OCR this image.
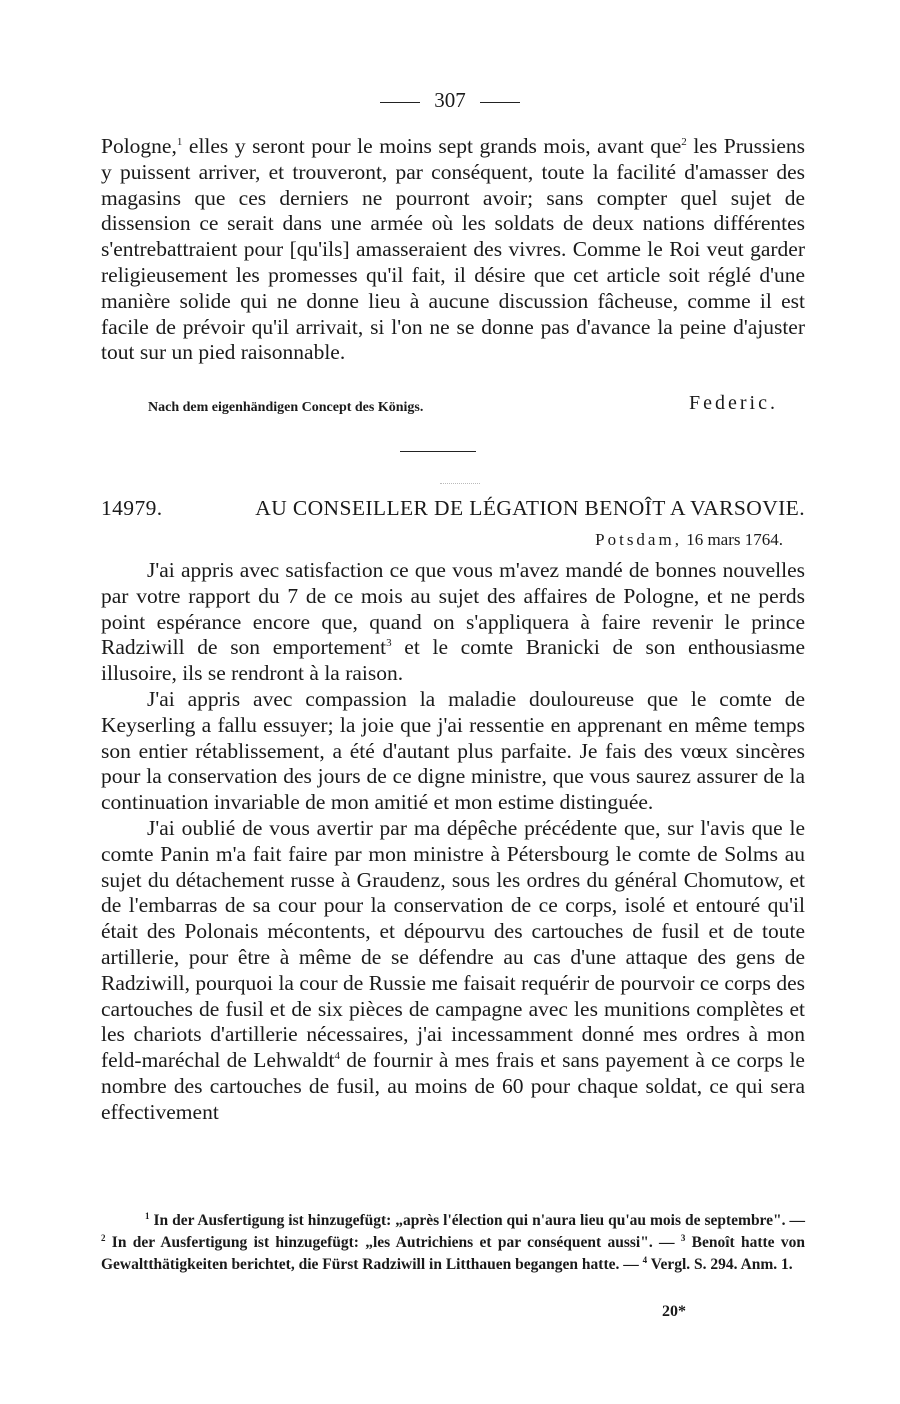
307

Pologne,$^1$ elles y seront pour le moins sept grands mois, avant que$^2$ les Prussiens y puissent arriver, et trouveront, par conséquent, toute la facilité d'amasser des magasins que ces derniers ne pourront avoir; sans compter quel sujet de dissension ce serait dans une armée où les soldats de deux nations différentes s'entrebattraient pour [qu'ils] amasseraient des vivres. Comme le Roi veut garder religieusement les promesses qu'il fait, il désire que cet article soit réglé d'une manière solide qui ne donne lieu à aucune discussion fâcheuse, comme il est facile de prévoir qu'il arrivait, si l'on ne se donne pas d'avance la peine d'ajuster tout sur un pied raisonnable.

Nach dem eigenhändigen Concept des Königs.	Federic.
14979.	AU CONSEILLER DE LÉGATION BENOÎT A VARSOVIE.
Potsdam, 16 mars 1764.

J'ai appris avec satisfaction ce que vous m'avez mandé de bonnes nouvelles par votre rapport du 7 de ce mois au sujet des affaires de Pologne, et ne perds point espérance encore que, quand on s'appliquera à faire revenir le prince Radziwill de son emportement$^3$ et le comte Branicki de son enthousiasme illusoire, ils se rendront à la raison.

J'ai appris avec compassion la maladie douloureuse que le comte de Keyserling a fallu essuyer; la joie que j'ai ressentie en apprenant en même temps son entier rétablissement, a été d'autant plus parfaite. Je fais des vœux sincères pour la conservation des jours de ce digne ministre, que vous saurez assurer de la continuation invariable de mon amitié et mon estime distinguée.

J'ai oublié de vous avertir par ma dépêche précédente que, sur l'avis que le comte Panin m'a fait faire par mon ministre à Pétersbourg le comte de Solms au sujet du détachement russe à Graudenz, sous les ordres du général Chomutow, et de l'embarras de sa cour pour la conservation de ce corps, isolé et entouré qu'il était des Polonais mécontents, et dépourvu des cartouches de fusil et de toute artillerie, pour être à même de se défendre au cas d'une attaque des gens de Radziwill, pourquoi la cour de Russie me faisait requérir de pourvoir ce corps des cartouches de fusil et de six pièces de campagne avec les munitions complètes et les chariots d'artillerie nécessaires, j'ai incessamment donné mes ordres à mon feld-maréchal de Lehwaldt$^4$ de fournir à mes frais et sans payement à ce corps le nombre des cartouches de fusil, au moins de 60 pour chaque soldat, ce qui sera effectivement

$^1$ In der Ausfertigung ist hinzugefügt: „après l'élection qui n'aura lieu qu'au mois de septembre". — $^2$ In der Ausfertigung ist hinzugefügt: „les Autrichiens et par conséquent aussi". — $^3$ Benoît hatte von Gewaltthätigkeiten berichtet, die Fürst Radziwill in Litthauen begangen hatte. — $^4$ Vergl. S. 294. Anm. 1.

20*
